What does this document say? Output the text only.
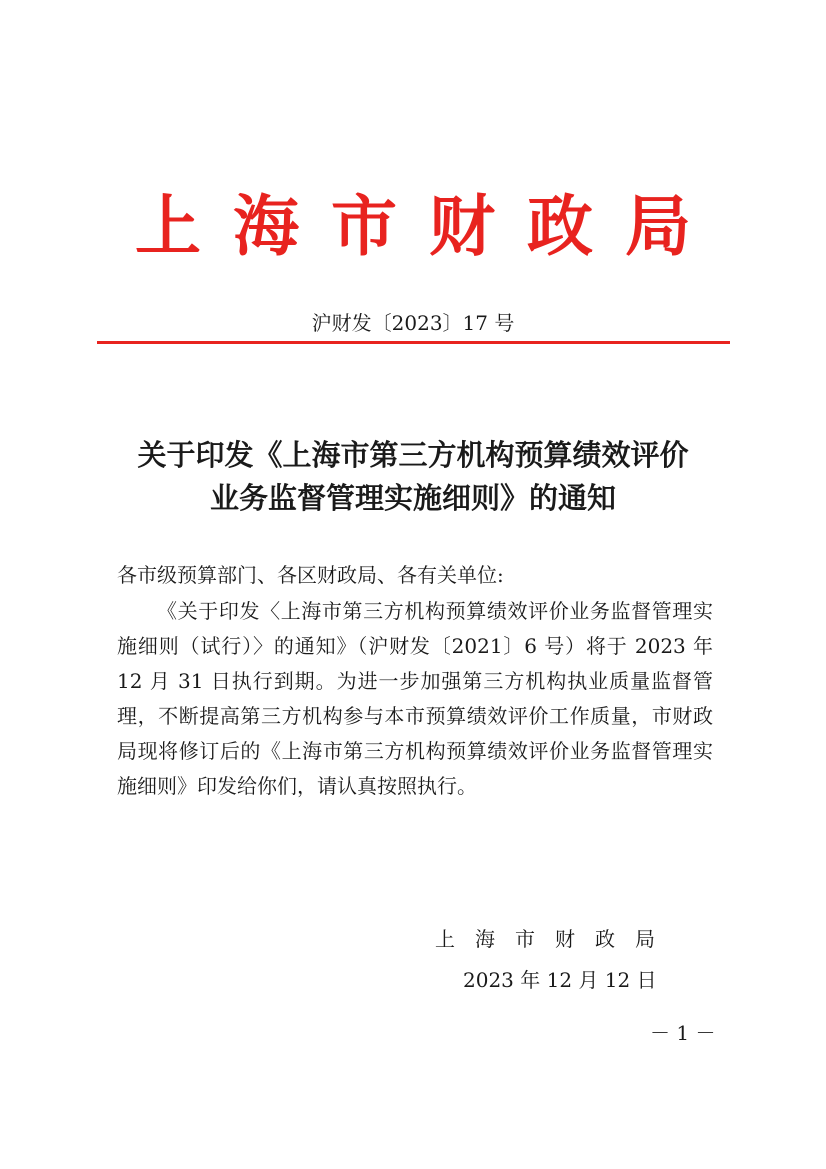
上海市财政局
沪财发〔2023〕17 号
关于印发《上海市第三方机构预算绩效评价
业务监督管理实施细则》的通知
各市级预算部门、各区财政局、各有关单位:
《关于印发〈上海市第三方机构预算绩效评价业务监督管理实施细则（试行）〉的通知》（沪财发〔2021〕6 号）将于 2023 年 12 月 31 日执行到期。为进一步加强第三方机构执业质量监督管理，不断提高第三方机构参与本市预算绩效评价工作质量，市财政局现将修订后的《上海市第三方机构预算绩效评价业务监督管理实施细则》印发给你们，请认真按照执行。
上海市财政局
2023 年 12 月 12 日
－ 1 －
